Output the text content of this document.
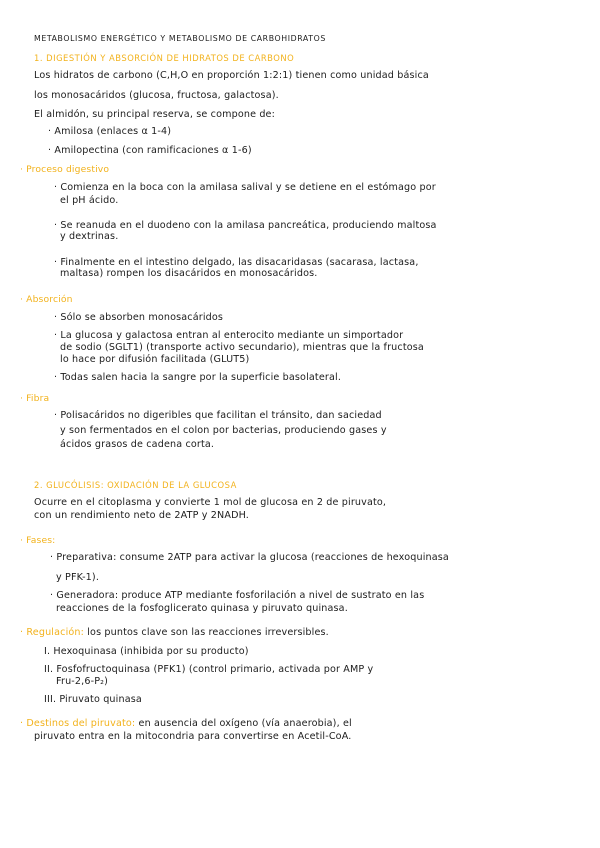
METABOLISMO ENERGÉTICO Y METABOLISMO DE CARBOHIDRATOS
1. DIGESTIÓN Y ABSORCIÓN DE HIDRATOS DE CARBONO
Los hidratos de carbono (C,H,O en proporción 1:2:1) tienen como unidad básica
los monosacáridos (glucosa, fructosa, galactosa).
El almidón, su principal reserva, se compone de:
· Amilosa (enlaces α 1-4)
· Amilopectina (con ramificaciones α 1-6)
· Proceso digestivo
· Comienza en la boca con la amilasa salival y se detiene en el estómago por
el pH ácido.
· Se reanuda en el duodeno con la amilasa pancreática, produciendo maltosa
y dextrinas.
· Finalmente en el intestino delgado, las disacaridasas (sacarasa, lactasa,
maltasa) rompen los disacáridos en monosacáridos.
· Absorción
· Sólo se absorben monosacáridos
· La glucosa y galactosa entran al enterocito mediante un simportador
de sodio (SGLT1) (transporte activo secundario), mientras que la fructosa
lo hace por difusión facilitada (GLUT5)
· Todas salen hacia la sangre por la superficie basolateral.
· Fibra
· Polisacáridos no digeribles que facilitan el tránsito, dan saciedad
y son fermentados en el colon por bacterias, produciendo gases y
ácidos grasos de cadena corta.
2. GLUCÓLISIS: OXIDACIÓN DE LA GLUCOSA
Ocurre en el citoplasma y convierte 1 mol de glucosa en 2 de piruvato,
con un rendimiento neto de 2ATP y 2NADH.
· Fases:
· Preparativa: consume 2ATP para activar la glucosa (reacciones de hexoquinasa
y PFK-1).
· Generadora: produce ATP mediante fosforilación a nivel de sustrato en las
reacciones de la fosfoglicerato quinasa y piruvato quinasa.
· Regulación: los puntos clave son las reacciones irreversibles.
I. Hexoquinasa (inhibida por su producto)
II. Fosfofructoquinasa (PFK1) (control primario, activada por AMP y
Fru-2,6-P₂)
III. Piruvato quinasa
· Destinos del piruvato: en ausencia del oxígeno (vía anaerobia), el
piruvato entra en la mitocondria para convertirse en Acetil-CoA.
